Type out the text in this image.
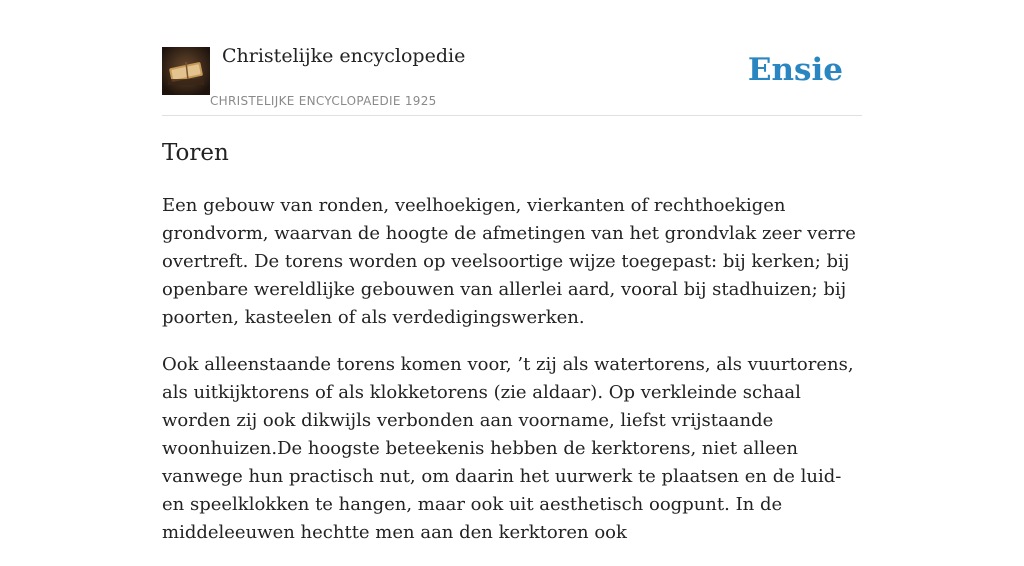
Christelijke encyclopedie
CHRISTELIJKE ENCYCLOPAEDIE 1925
Ensie
Toren

Een gebouw van ronden, veelhoekigen, vierkanten of rechthoekigen grondvorm, waarvan de hoogte de afmetingen van het grondvlak zeer verre overtreft. De torens worden op veelsoortige wijze toegepast: bij kerken; bij openbare wereldlijke gebouwen van allerlei aard, vooral bij stadhuizen; bij poorten, kasteelen of als verdedigingswerken.

Ook alleenstaande torens komen voor, ’t zij als watertorens, als vuurtorens, als uitkijktorens of als klokketorens (zie aldaar). Op verkleinde schaal worden zij ook dikwijls verbonden aan voorname, liefst vrijstaande woonhuizen.De hoogste beteekenis hebben de kerktorens, niet alleen vanwege hun practisch nut, om daarin het uurwerk te plaatsen en de luid- en speelklokken te hangen, maar ook uit aesthetisch oogpunt. In de middeleeuwen hechtte men aan den kerktoren ook
